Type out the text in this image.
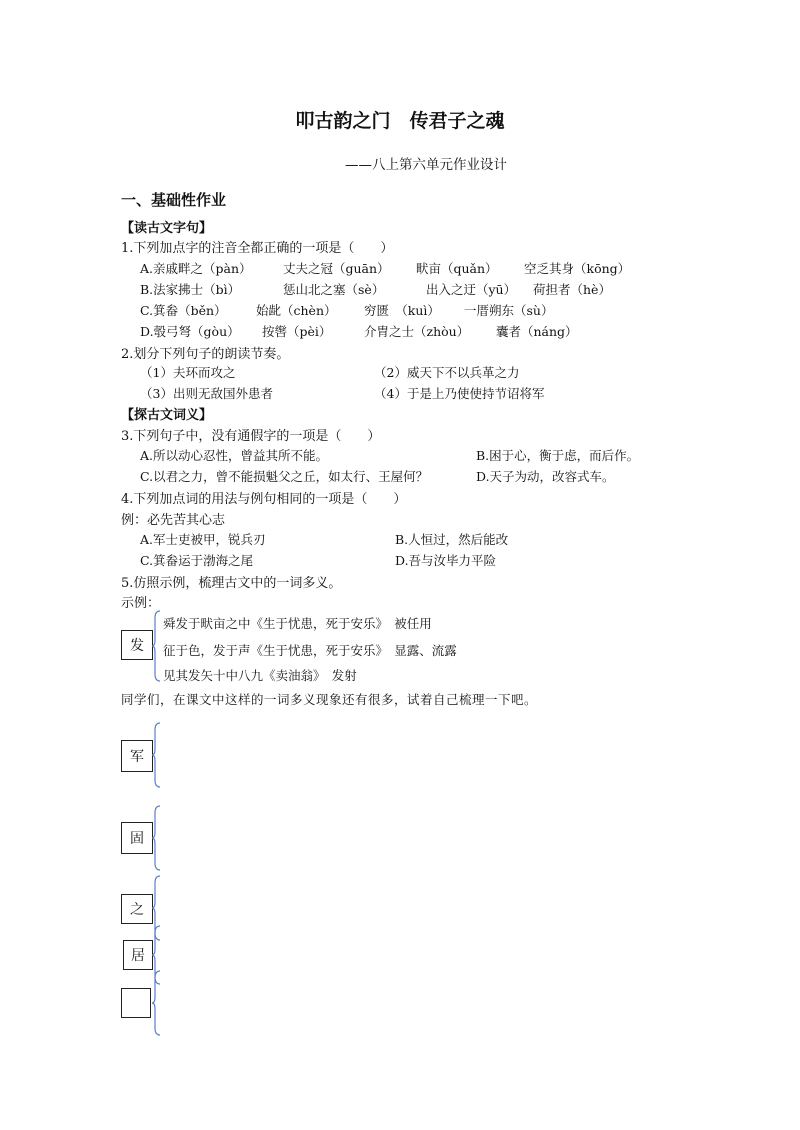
叩古韵之门　传君子之魂
——八上第六单元作业设计
一、基础性作业
【读古文字句】
1.下列加点字的注音全都正确的一项是（　　）
A.亲戚畔之（pàn）	丈夫之冠（guān） 畎亩（quǎn） 空乏其身（kōng）
B.法家拂士（bì）	惩山北之塞（sè）	出入之迂（yū） 荷担者（hè）
C.箕畚（běn） 始龀（chèn） 穷匮　（kuì） 一厝朔东（sù）
D.彀弓弩（gòu） 按辔（pèi）	介胄之士（zhòu） 囊者（náng）
2.划分下列句子的朗读节奏。
（1）夫环而攻之	（2）威天下不以兵革之力
（3）出则无敌国外患者	（4）于是上乃使使持节诏将军
【探古文词义】
3.下列句子中，没有通假字的一项是（　　）
A.所以动心忍性，曾益其所不能。	B.困于心，衡于虑，而后作。
C.以君之力，曾不能损魁父之丘，如太行、王屋何？	D.天子为动，改容式车。
4.下列加点词的用法与例句相同的一项是（　　）
例：必先苦其心志
A.军士吏被甲，锐兵刃	B.人恒过，然后能改
C.箕畚运于渤海之尾	D.吾与汝毕力平险
5.仿照示例，梳理古文中的一词多义。
示例：
发
舜发于畎亩之中《生于忧患，死于安乐》　被任用
征于色，发于声《生于忧患，死于安乐》　显露、流露
见其发矢十中八九《卖油翁》　发射
同学们，在课文中这样的一词多义现象还有很多，试着自己梳理一下吧。
军
固
之
居
